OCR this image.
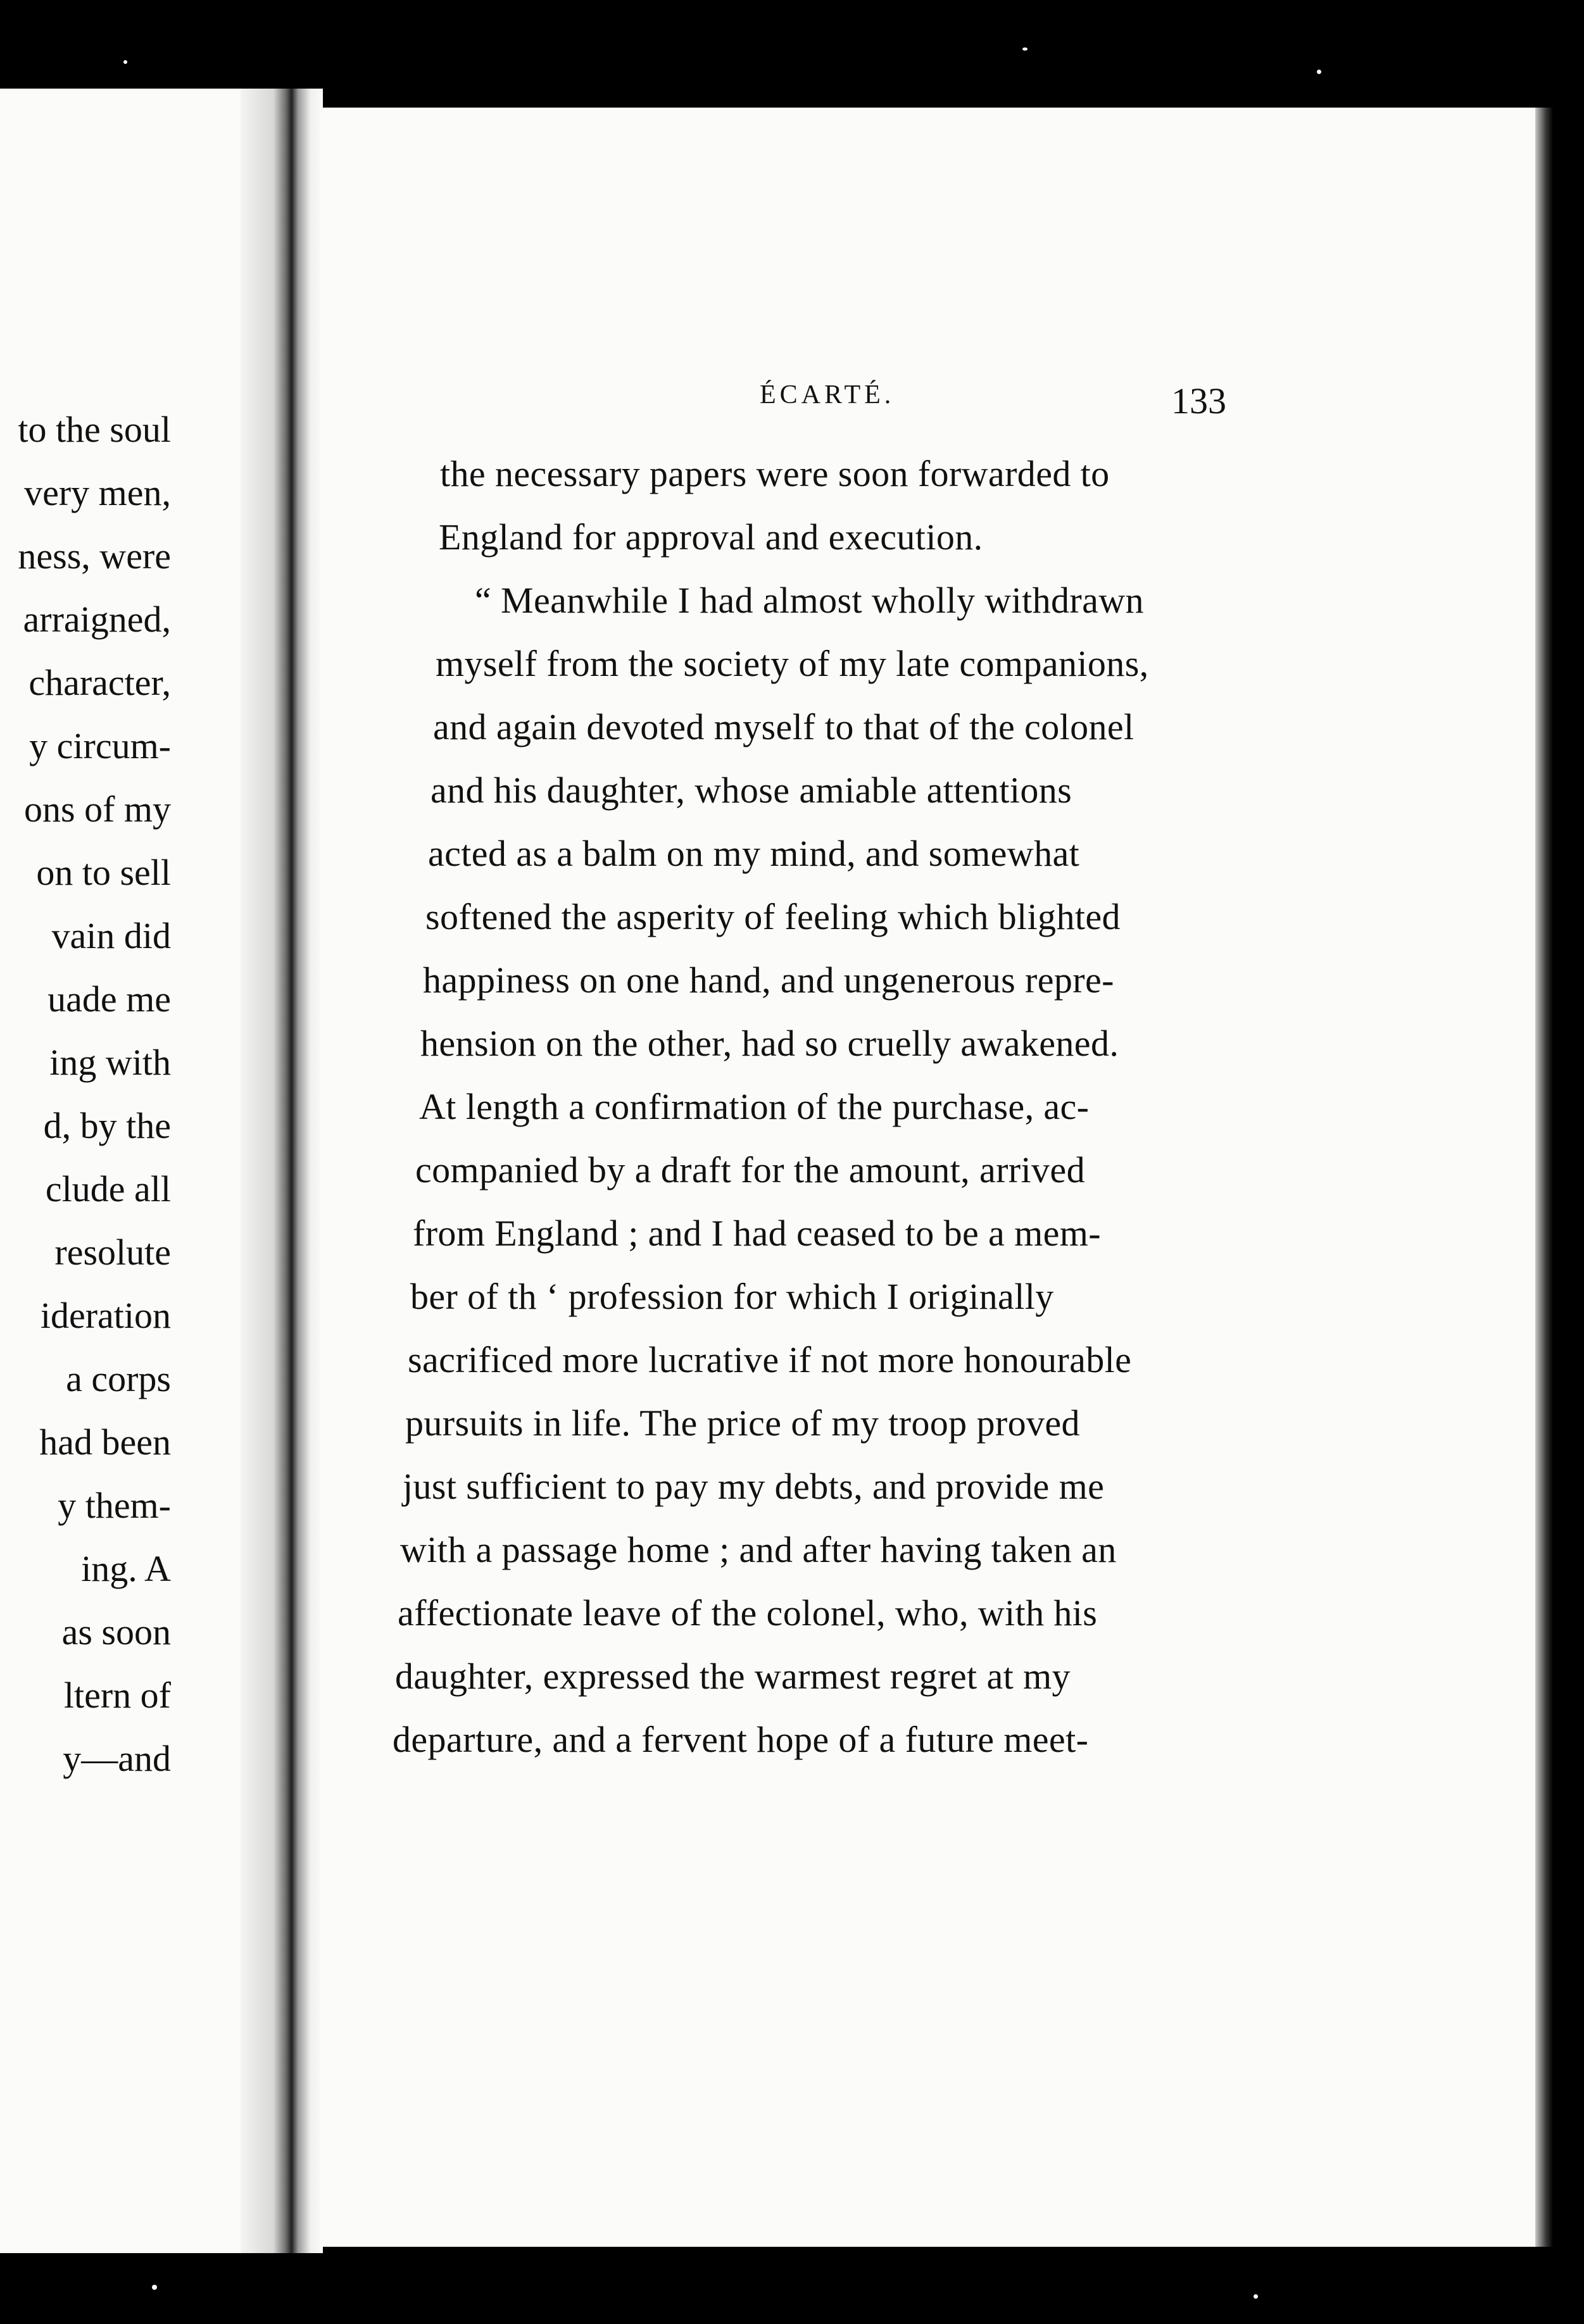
to the soul
very men,
ness, were
arraigned,
character,
y circum-
ons of my
on to sell
vain did
uade me
ing with
d, by the
clude all
resolute
ideration
a corps
had been
y them-
ing. A
as soon
ltern of
y—and
ÉCARTÉ.	133
the necessary papers were soon forwarded to
England for approval and execution.
“ Meanwhile I had almost wholly withdrawn
myself from the society of my late companions,
and again devoted myself to that of the colonel
and his daughter, whose amiable attentions
acted as a balm on my mind, and somewhat
softened the asperity of feeling which blighted
happiness on one hand, and ungenerous repre-
hension on the other, had so cruelly awakened.
At length a confirmation of the purchase, ac-
companied by a draft for the amount, arrived
from England ; and I had ceased to be a mem-
ber of th ‘ profession for which I originally
sacrificed more lucrative if not more honourable
pursuits in life. The price of my troop proved
just sufficient to pay my debts, and provide me
with a passage home ; and after having taken an
affectionate leave of the colonel, who, with his
daughter, expressed the warmest regret at my
departure, and a fervent hope of a future meet-
